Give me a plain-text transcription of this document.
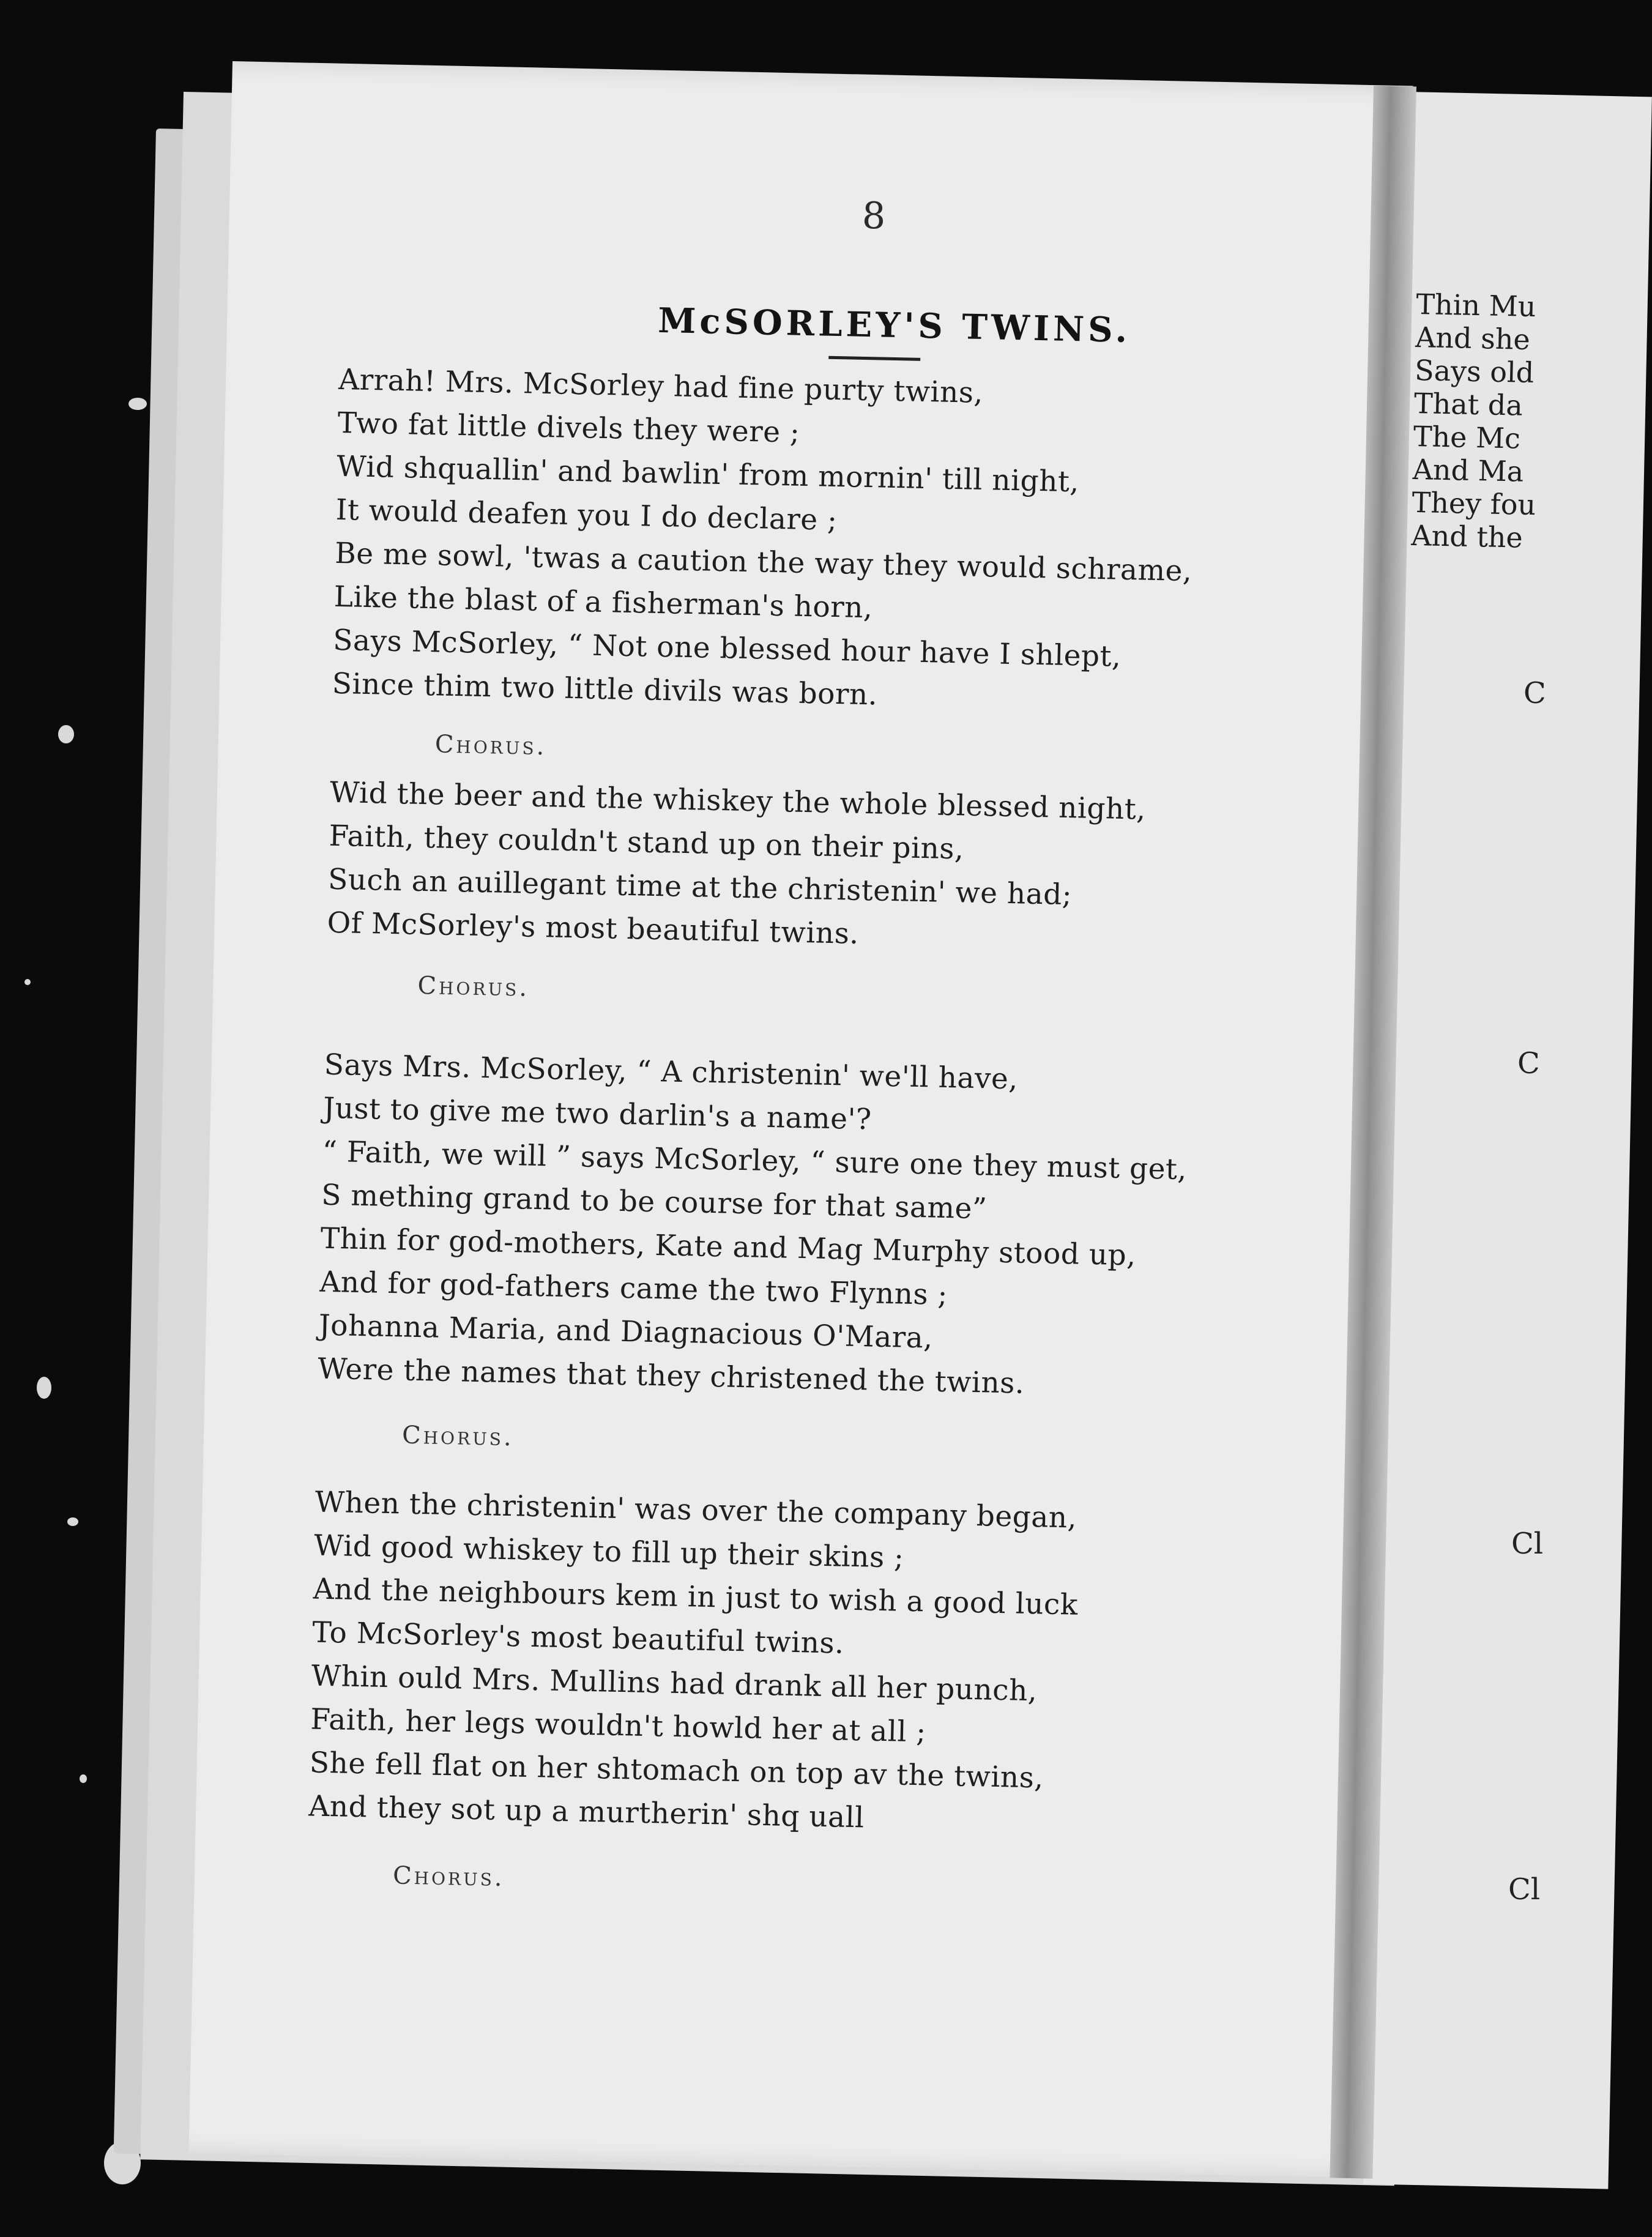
8
McSORLEY'S TWINS.
Arrah! Mrs. McSorley had fine purty twins,
Two fat little divels they were ;
Wid shquallin' and bawlin' from mornin' till night,
It would deafen you I do declare ;
Be me sowl, 'twas a caution the way they would schrame,
Like the blast of a fisherman's horn,
Says McSorley, “ Not one blessed hour have I shlept,
Since thim two little divils was born.
Chorus.
Wid the beer and the whiskey the whole blessed night,
Faith, they couldn't stand up on their pins,
Such an auillegant time at the christenin' we had;
Of McSorley's most beautiful twins.
Chorus.
Says Mrs. McSorley, “ A christenin' we'll have,
Just to give me two darlin's a name'?
“ Faith, we will ” says McSorley, “ sure one they must get,
S mething grand to be course for that same”
Thin for god-mothers, Kate and Mag Murphy stood up,
And for god-fathers came the two Flynns ;
Johanna Maria, and Diagnacious O'Mara,
Were the names that they christened the twins.
Chorus.
When the christenin' was over the company began,
Wid good whiskey to fill up their skins ;
And the neighbours kem in just to wish a good luck
To McSorley's most beautiful twins.
Whin ould Mrs. Mullins had drank all her punch,
Faith, her legs wouldn't howld her at all ;
She fell flat on her shtomach on top av the twins,
And they sot up a murtherin' shq uall
Chorus.
Thin Mu
And she
Says old
That da
The Mc
And Ma
They fou
And the
C
C
Cl
Cl
